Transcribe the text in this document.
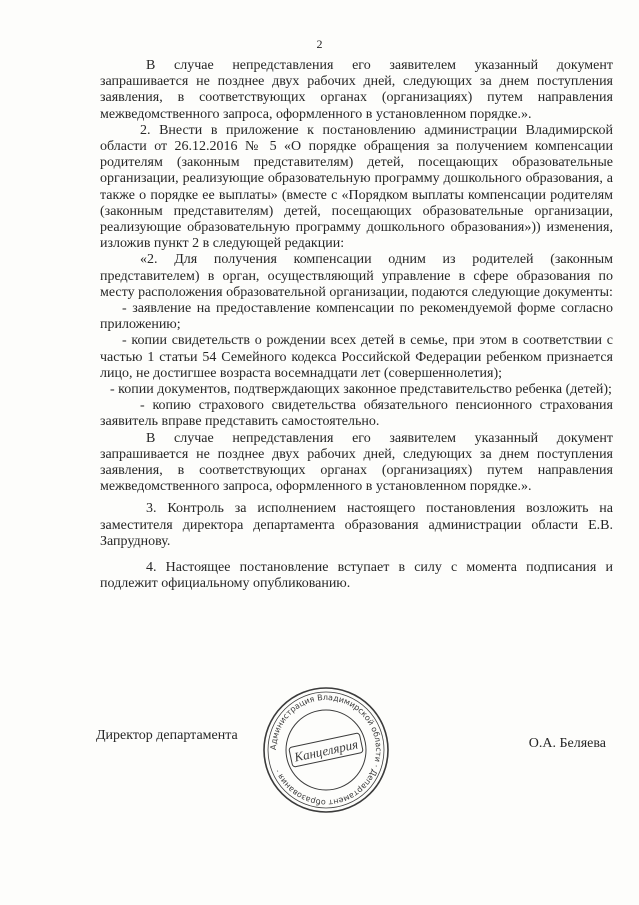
2

В случае непредставления его заявителем указанный документ запрашивается не позднее двух рабочих дней, следующих за днем поступления заявления, в соответствующих органах (организациях) путем направления межведомственного запроса, оформленного в установленном порядке.».

2. Внести в приложение к постановлению администрации Владимирской области от 26.12.2016 № 5 «О порядке обращения за получением компенсации родителям (законным представителям) детей, посещающих образовательные организации, реализующие образовательную программу дошкольного образования, а также о порядке ее выплаты» (вместе с «Порядком выплаты компенсации родителям (законным представителям) детей, посещающих образовательные организации, реализующие образовательную программу дошкольного образования»)) изменения, изложив пункт 2 в следующей редакции:

«2. Для получения компенсации одним из родителей (законным представителем) в орган, осуществляющий управление в сфере образования по месту расположения образовательной организации, подаются следующие документы:

- заявление на предоставление компенсации по рекомендуемой форме согласно приложению;

- копии свидетельств о рождении всех детей в семье, при этом в соответствии с частью 1 статьи 54 Семейного кодекса Российской Федерации ребенком признается лицо, не достигшее возраста восемнадцати лет (совершеннолетия);

- копии документов, подтверждающих законное представительство ребенка (детей);

- копию страхового свидетельства обязательного пенсионного страхования заявитель вправе представить самостоятельно.

В случае непредставления его заявителем указанный документ запрашивается не позднее двух рабочих дней, следующих за днем поступления заявления, в соответствующих органах (организациях) путем направления межведомственного запроса, оформленного в установленном порядке.».

3. Контроль за исполнением настоящего постановления возложить на заместителя директора департамента образования администрации области Е.В. Запруднову.

4. Настоящее постановление вступает в силу с момента подписания и подлежит официальному опубликованию.

Директор департамента
Администрация Владимирской области · Департамент образования ·
Канцелярия	О.А. Беляева
